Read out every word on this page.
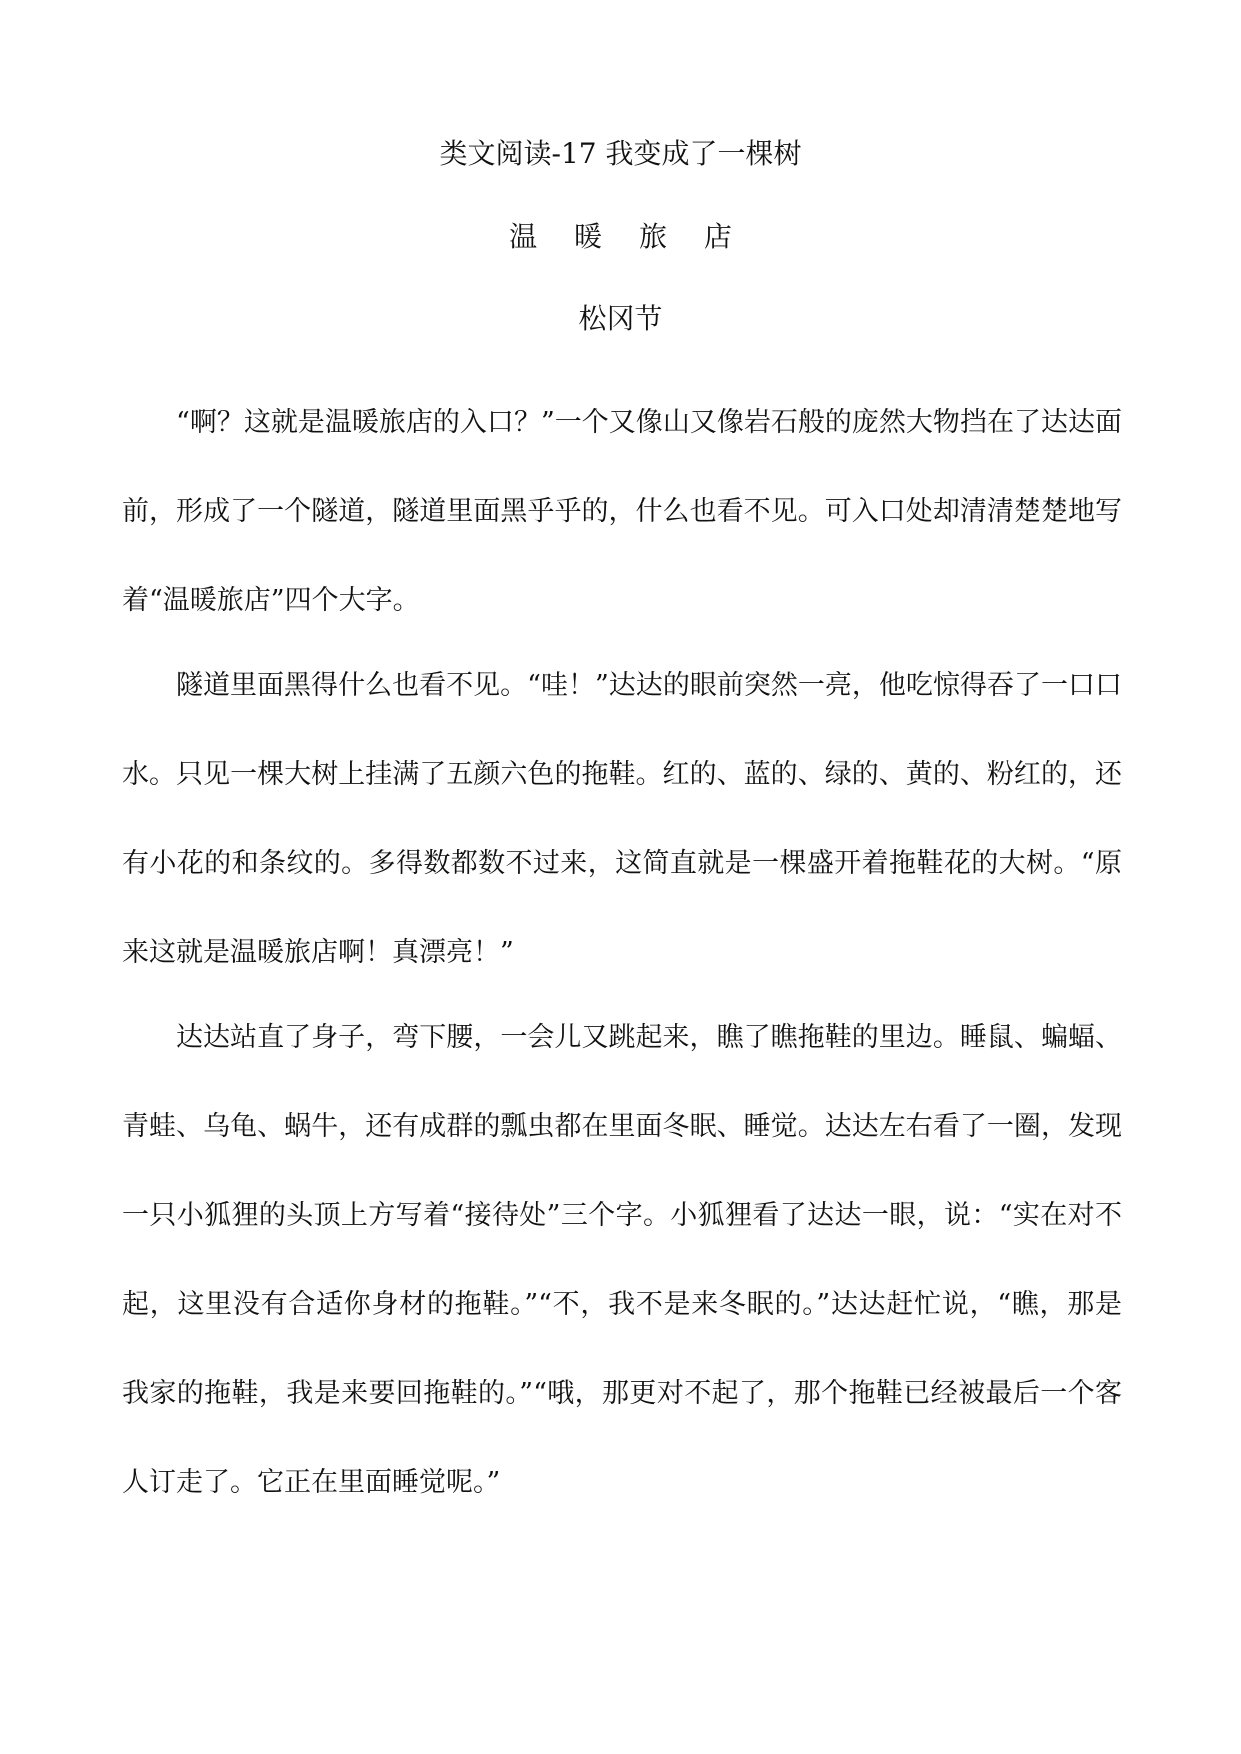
类文阅读-17 我变成了一棵树
温 暖 旅 店
松冈节

“啊？这就是温暖旅店的入口？”一个又像山又像岩石般的庞然大物挡在了达达面前，形成了一个隧道，隧道里面黑乎乎的，什么也看不见。可入口处却清清楚楚地写着“温暖旅店”四个大字。

隧道里面黑得什么也看不见。“哇！”达达的眼前突然一亮，他吃惊得吞了一口口水。只见一棵大树上挂满了五颜六色的拖鞋。红的、蓝的、绿的、黄的、粉红的，还有小花的和条纹的。多得数都数不过来，这简直就是一棵盛开着拖鞋花的大树。“原来这就是温暖旅店啊！真漂亮！”

达达站直了身子，弯下腰，一会儿又跳起来，瞧了瞧拖鞋的里边。睡鼠、蝙蝠、青蛙、乌龟、蜗牛，还有成群的瓢虫都在里面冬眠、睡觉。达达左右看了一圈，发现一只小狐狸的头顶上方写着“接待处”三个字。小狐狸看了达达一眼，说：“实在对不起，这里没有合适你身材的拖鞋。”“不，我不是来冬眠的。”达达赶忙说，“瞧，那是我家的拖鞋，我是来要回拖鞋的。”“哦，那更对不起了，那个拖鞋已经被最后一个客人订走了。它正在里面睡觉呢。”
